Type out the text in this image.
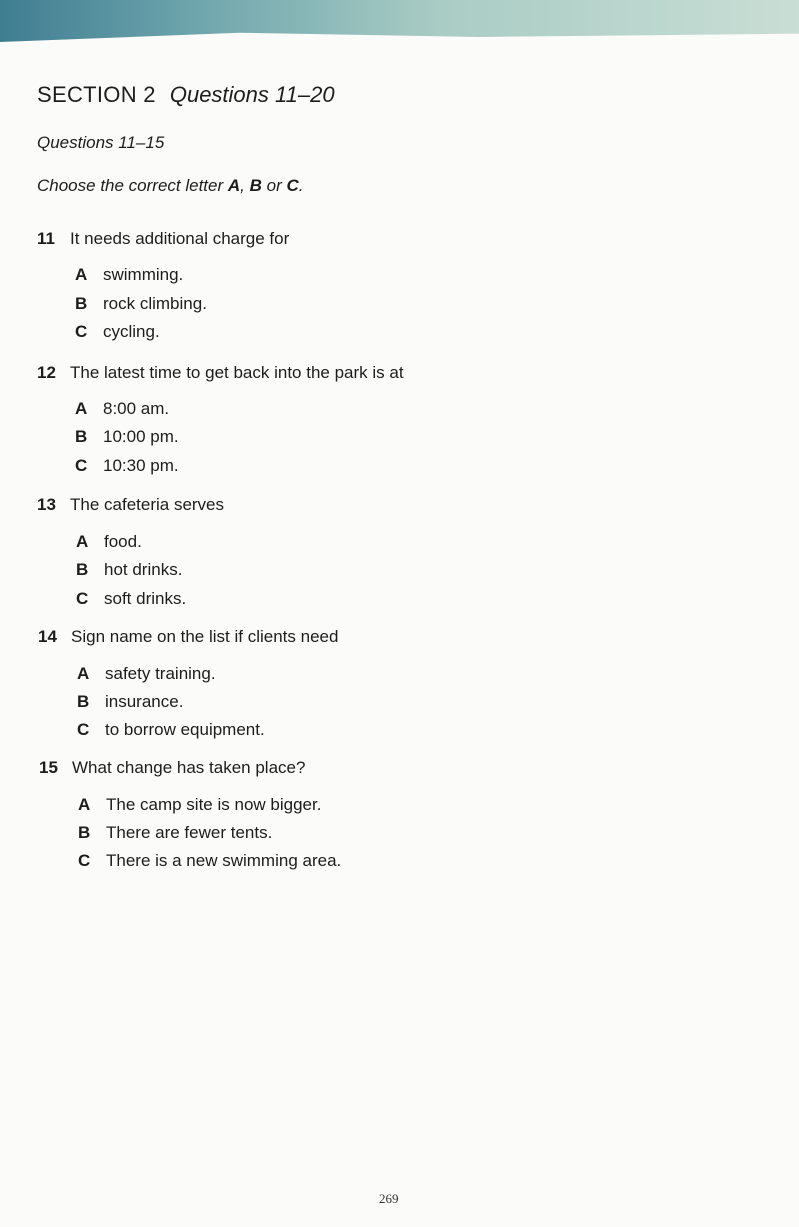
SECTION 2 Questions 11–20
Questions 11–15
Choose the correct letter A, B or C.
11 It needs additional charge for
A swimming.
B rock climbing.
C cycling.
12 The latest time to get back into the park is at
A 8:00 am.
B 10:00 pm.
C 10:30 pm.
13 The cafeteria serves
A food.
B hot drinks.
C soft drinks.
14 Sign name on the list if clients need
A safety training.
B insurance.
C to borrow equipment.
15 What change has taken place?
A The camp site is now bigger.
B There are fewer tents.
C There is a new swimming area.
269
